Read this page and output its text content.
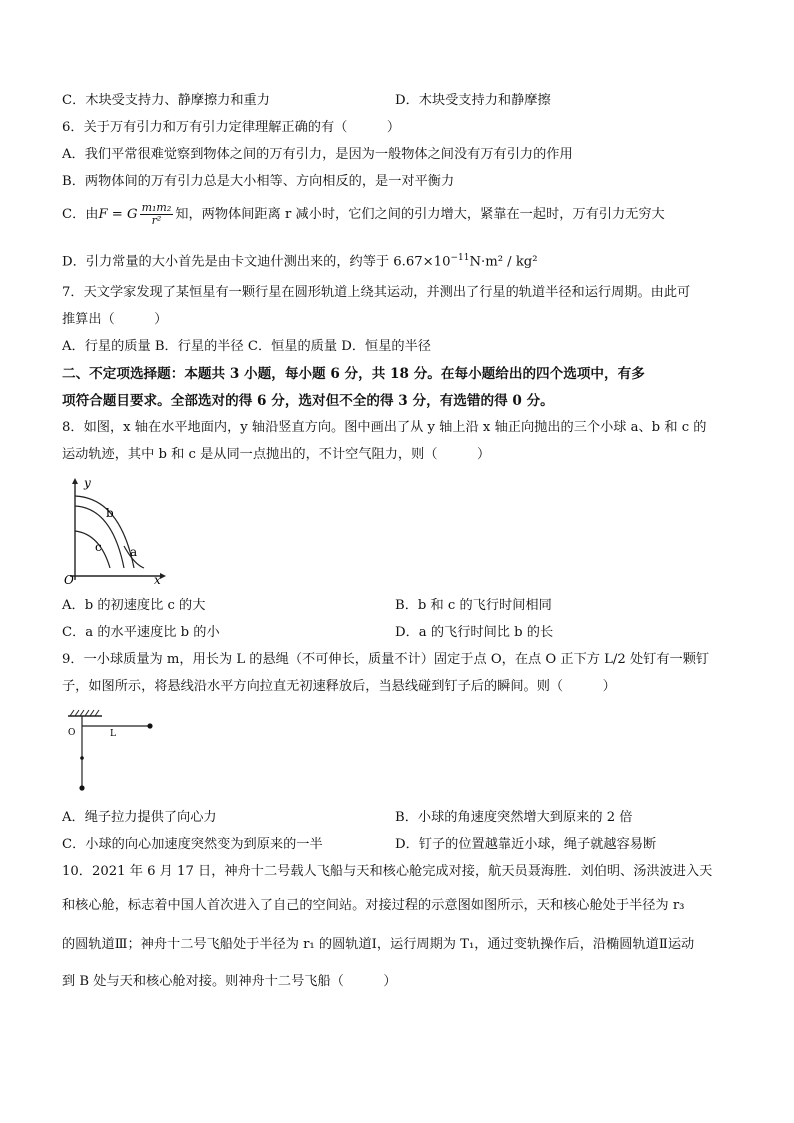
C．木块受支持力、静摩擦力和重力	D．木块受支持力和静摩擦
6．关于万有引力和万有引力定律理解正确的有（　　　）
A．我们平常很难觉察到物体之间的万有引力，是因为一般物体之间没有万有引力的作用
B．两物体间的万有引力总是大小相等、方向相反的，是一对平衡力
C．由F = G $\frac{\text{m₁m₂}}{\text{r²}}$ 知，两物体间距离 r 减小时，它们之间的引力增大，紧靠在一起时，万有引力无穷大
D．引力常量的大小首先是由卡文迪什测出来的，约等于 $6.67\times 10^{-11}N\cdot m^2 / kg^2$
7．天文学家发现了某恒星有一颗行星在圆形轨道上绕其运动，并测出了行星的轨道半径和运行周期。由此可
推算出（　　　）
A．行星的质量 B．行星的半径 C．恒星的质量 D．恒星的半径
二、不定项选择题：本题共 3 小题，每小题 6 分，共 18 分。在每小题给出的四个选项中，有多
项符合题目要求。全部选对的得 6 分，选对但不全的得 3 分，有选错的得 0 分。
8．如图，x 轴在水平地面内，y 轴沿竖直方向。图中画出了从 y 轴上沿 x 轴正向抛出的三个小球 a、b 和 c 的
运动轨迹，其中 b 和 c 是从同一点抛出的，不计空气阻力，则（　　　）
y
x
O
b
c a
A．b 的初速度比 c 的大	B．b 和 c 的飞行时间相同
C．a 的水平速度比 b 的小	D．a 的飞行时间比 b 的长
9．一小球质量为 m，用长为 L 的悬绳（不可伸长，质量不计）固定于点 O，在点 O 正下方 L/2 处钉有一颗钉
子，如图所示，将悬线沿水平方向拉直无初速释放后，当悬线碰到钉子后的瞬间。则（　　　）
O	L
A．绳子拉力提供了向心力	B．小球的角速度突然增大到原来的 2 倍
C．小球的向心加速度突然变为到原来的一半	D．钉子的位置越靠近小球，绳子就越容易断
10．2021 年 6 月 17 日，神舟十二号载人飞船与天和核心舱完成对接，航天员聂海胜．刘伯明、汤洪波进入天
和核心舱，标志着中国人首次进入了自己的空间站。对接过程的示意图如图所示，天和核心舱处于半径为 r₃
的圆轨道Ⅲ；神舟十二号飞船处于半径为 r₁ 的圆轨道Ⅰ，运行周期为 T₁，通过变轨操作后，沿椭圆轨道Ⅱ运动
到 B 处与天和核心舱对接。则神舟十二号飞船（　　　）
